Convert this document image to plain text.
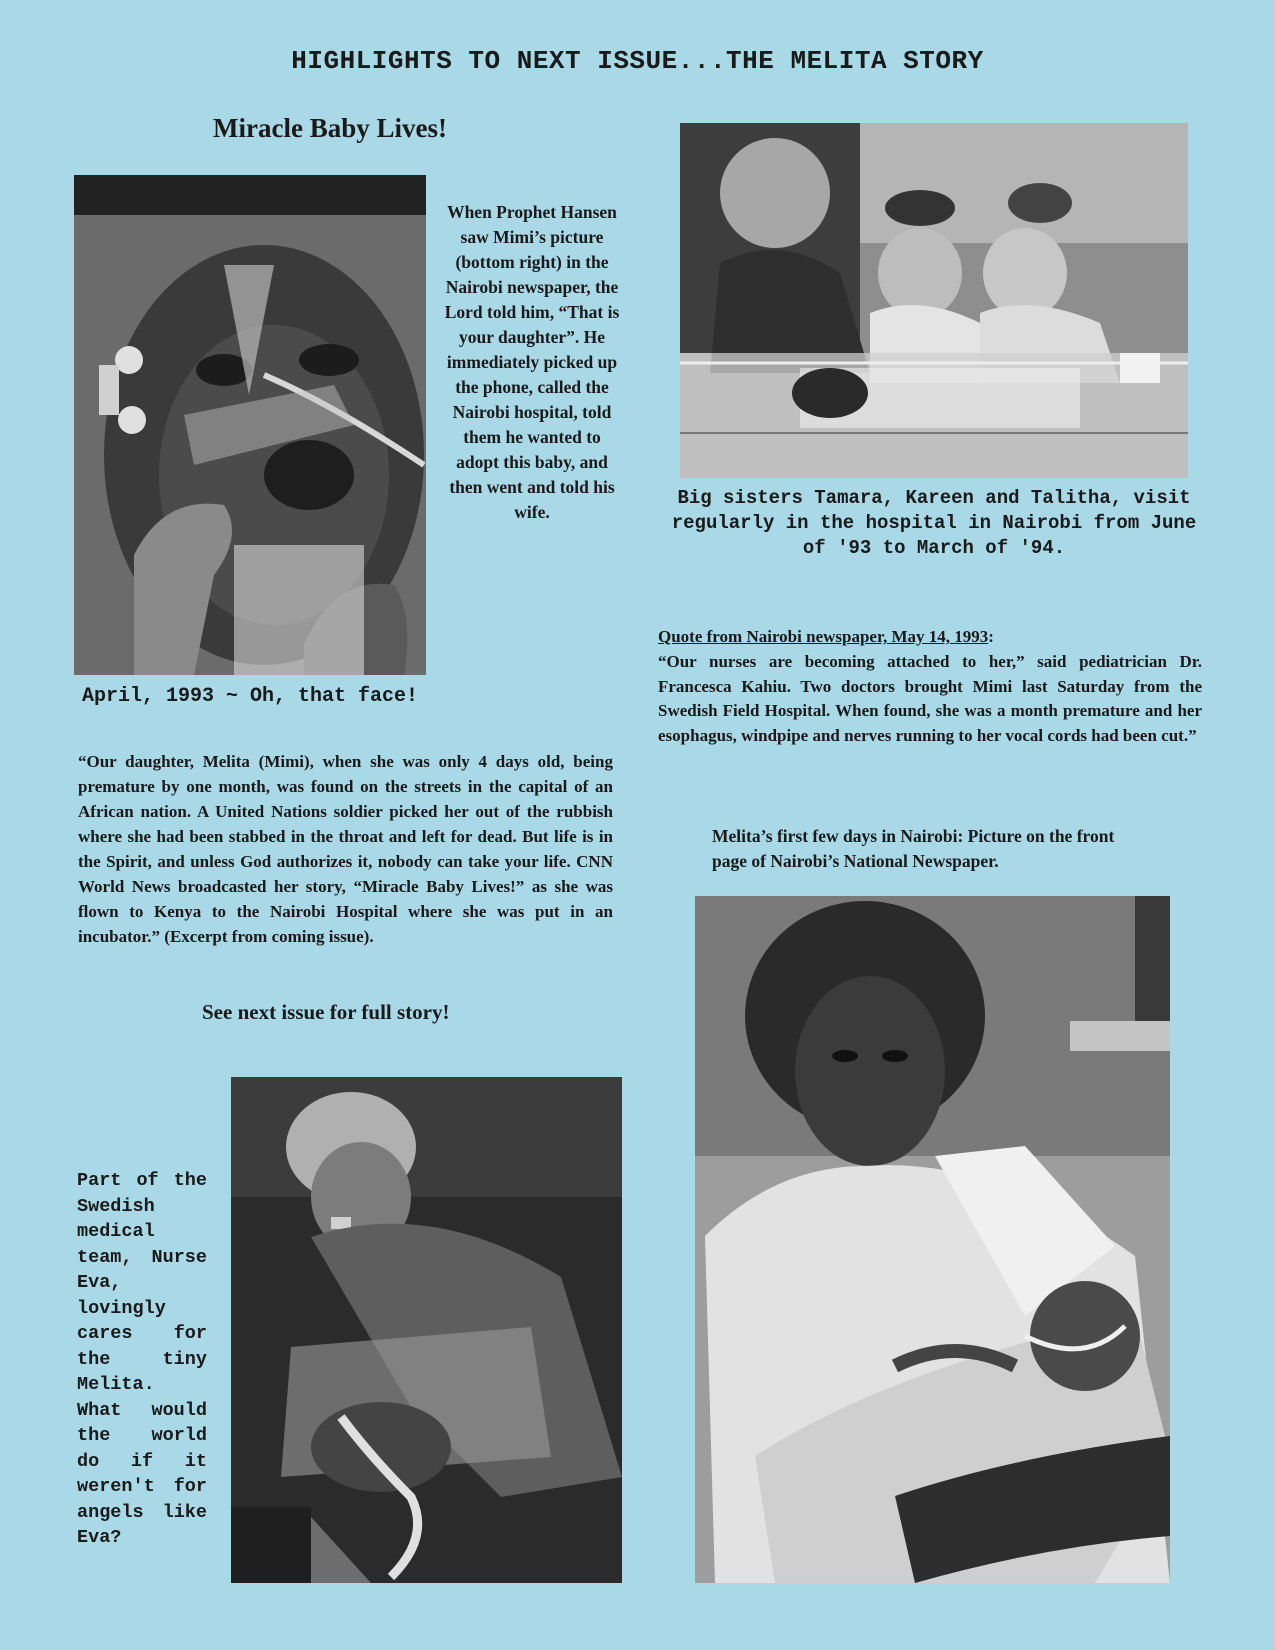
HIGHLIGHTS TO NEXT ISSUE...THE MELITA STORY
Miracle Baby Lives!
When Prophet Hansen saw Mimi’s picture (bottom right) in the Nairobi newspaper, the Lord told him, “That is your daughter”. He immediately picked up the phone, called the Nairobi hospital, told them he wanted to adopt this baby, and then went and told his wife.
April, 1993 ~ Oh, that face!
“Our daughter, Melita (Mimi), when she was only 4 days old, being premature by one month, was found on the streets in the capital of an African nation. A United Nations soldier picked her out of the rubbish where she had been stabbed in the throat and left for dead. But life is in the Spirit, and unless God authorizes it, nobody can take your life. CNN World News broadcasted her story, “Miracle Baby Lives!” as she was flown to Kenya to the Nairobi Hospital where she was put in an incubator.” (Excerpt from coming issue).
See next issue for full story!
Part of the Swedish medical team, Nurse Eva, lovingly cares for the tiny Melita. What would the world do if it weren't for angels like Eva?
Big sisters Tamara, Kareen and Talitha, visit regularly in the hospital in Nairobi from June of '93 to March of '94.
Quote from Nairobi newspaper, May 14, 1993:
“Our nurses are becoming attached to her,” said pediatrician Dr. Francesca Kahiu. Two doctors brought Mimi last Saturday from the Swedish Field Hospital. When found, she was a month premature and her esophagus, windpipe and nerves running to her vocal cords had been cut.”
Melita’s first few days in Nairobi: Picture on the front page of Nairobi’s National Newspaper.
